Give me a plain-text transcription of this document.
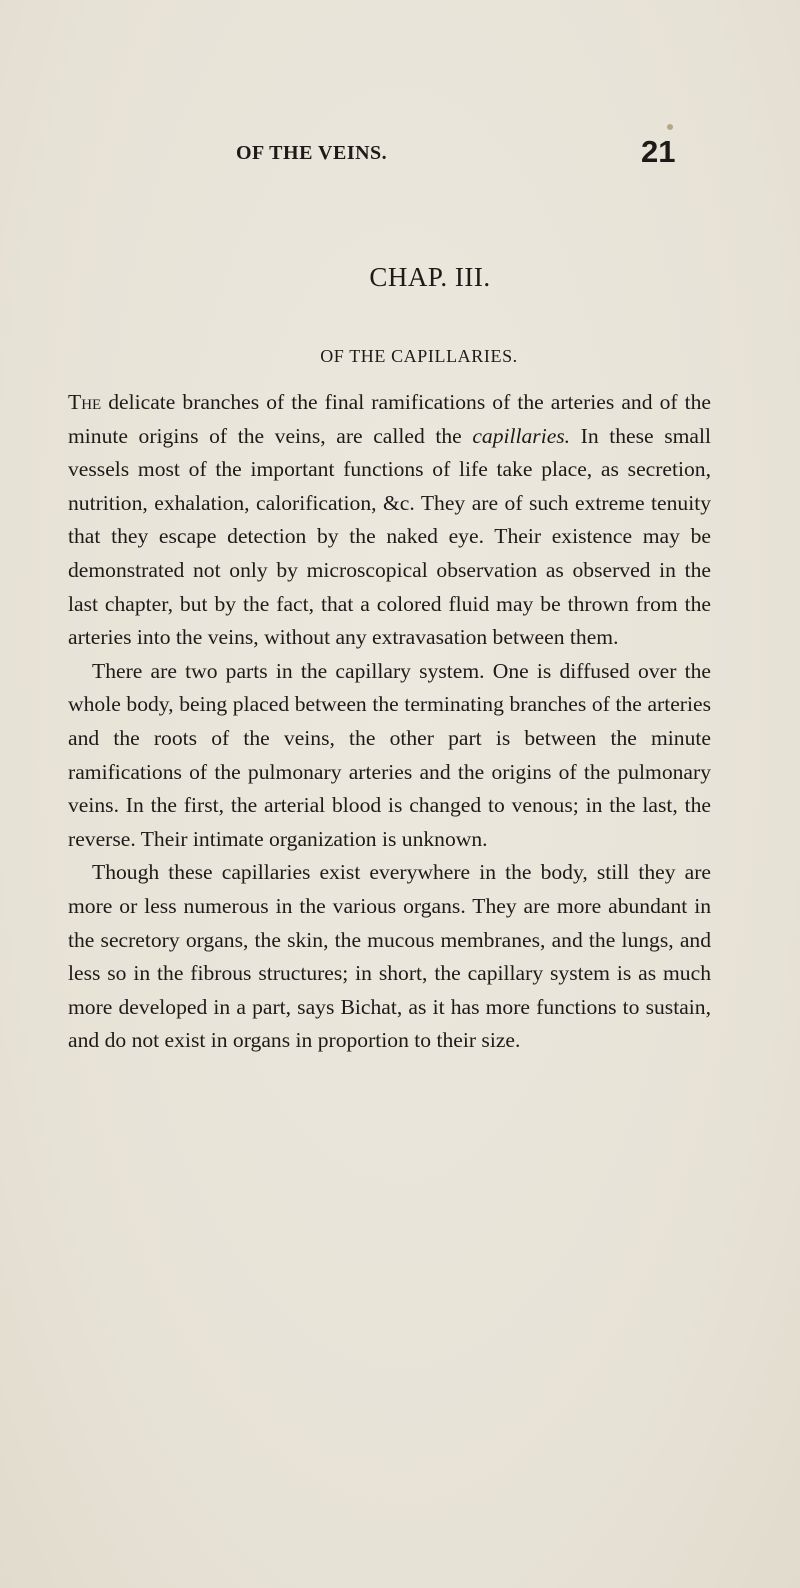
OF THE VEINS.	21
CHAP. III.
OF THE CAPILLARIES.

The delicate branches of the final ramifications of the arteries and of the minute origins of the veins, are called the capillaries. In these small vessels most of the important functions of life take place, as secretion, nutrition, exhalation, calorification, &c. They are of such extreme tenuity that they escape detection by the naked eye. Their existence may be demonstrated not only by microscopical observation as observed in the last chapter, but by the fact, that a colored fluid may be thrown from the arteries into the veins, without any extravasation between them.

There are two parts in the capillary system. One is diffused over the whole body, being placed between the terminating branches of the arteries and the roots of the veins, the other part is between the minute ramifications of the pulmonary arteries and the origins of the pulmonary veins. In the first, the arterial blood is changed to venous; in the last, the reverse. Their intimate organization is unknown.

Though these capillaries exist everywhere in the body, still they are more or less numerous in the various organs. They are more abundant in the secretory organs, the skin, the mucous membranes, and the lungs, and less so in the fibrous structures; in short, the capillary system is as much more developed in a part, says Bichat, as it has more functions to sustain, and do not exist in organs in proportion to their size.
